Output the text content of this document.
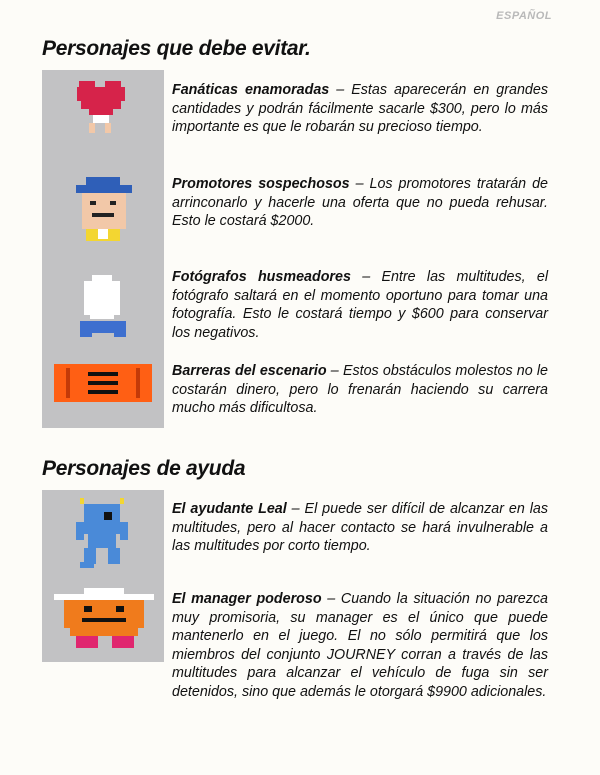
ESPAÑOL
Personajes que debe evitar.

Fanáticas enamoradas – Estas aparecerán en grandes cantidades y podrán fácilmente sacarle $300, pero lo más importante es que le robarán su precioso tiempo.

Promotores sospechosos – Los promotores tratarán de arrinconarlo y hacerle una oferta que no pueda rehusar. Esto le costará $2000.

Fotógrafos husmeadores – Entre las multitudes, el fotógrafo saltará en el momento oportuno para tomar una fotografía. Esto le costará tiempo y $600 para conservar los negativos.

Barreras del escenario – Estos obstáculos molestos no le costarán dinero, pero lo frenarán haciendo su carrera mucho más dificultosa.

Personajes de ayuda

El ayudante Leal – El puede ser difícil de alcanzar en las multitudes, pero al hacer contacto se hará invulnerable a las multitudes por corto tiempo.

El manager poderoso – Cuando la situación no parezca muy promisoria, su manager es el único que puede mantenerlo en el juego. El no sólo permitirá que los miembros del conjunto JOURNEY corran a través de las multitudes para alcanzar el vehículo de fuga sin ser detenidos, sino que además le otorgará $9900 adicionales.
